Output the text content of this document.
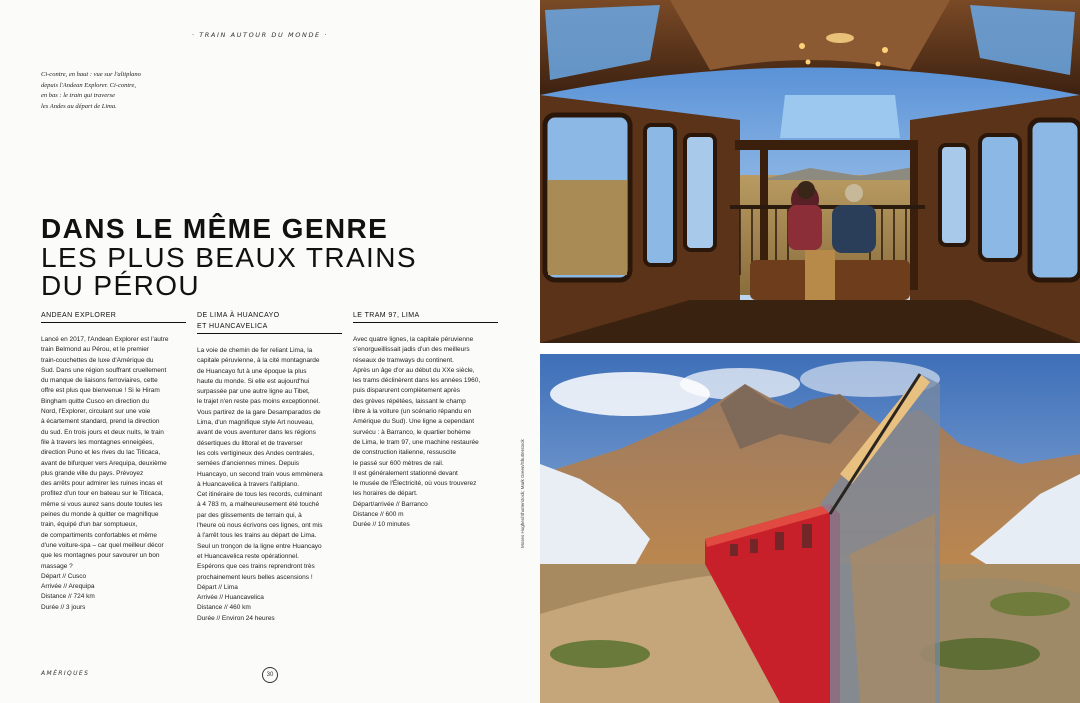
· TRAIN AUTOUR DU MONDE ·
Ci-contre, en haut : vue sur l'altiplano
depuis l'Andean Explorer. Ci-contre,
en bas : le train qui traverse
les Andes au départ de Lima.
DANS LE MÊME GENRE
LES PLUS BEAUX TRAINS
DU PÉROU
ANDEAN EXPLORER
Lancé en 2017, l'Andean Explorer est l'autre
train Belmond au Pérou, et le premier
train-couchettes de luxe d'Amérique du
Sud. Dans une région souffrant cruellement
du manque de liaisons ferroviaires, cette
offre est plus que bienvenue ! Si le Hiram
Bingham quitte Cusco en direction du
Nord, l'Explorer, circulant sur une voie
à écartement standard, prend la direction
du sud. En trois jours et deux nuits, le train
file à travers les montagnes enneigées,
direction Puno et les rives du lac Titicaca,
avant de bifurquer vers Arequipa, deuxième
plus grande ville du pays. Prévoyez
des arrêts pour admirer les ruines incas et
profitez d'un tour en bateau sur le Titicaca,
même si vous aurez sans doute toutes les
peines du monde à quitter ce magnifique
train, équipé d'un bar somptueux,
de compartiments confortables et même
d'une voiture-spa – car quel meilleur décor
que les montagnes pour savourer un bon
massage ?
Départ // Cusco
Arrivée // Arequipa
Distance // 724 km
Durée // 3 jours
DE LIMA À HUANCAYO
ET HUANCAVELICA
La voie de chemin de fer reliant Lima, la
capitale péruvienne, à la cité montagnarde
de Huancayo fut à une époque la plus
haute du monde. Si elle est aujourd'hui
surpassée par une autre ligne au Tibet,
le trajet n'en reste pas moins exceptionnel.
Vous partirez de la gare Desamparados de
Lima, d'un magnifique style Art nouveau,
avant de vous aventurer dans les régions
désertiques du littoral et de traverser
les cols vertigineux des Andes centrales,
semées d'anciennes mines. Depuis
Huancayo, un second train vous emmènera
à Huancavelica à travers l'altiplano.
Cet itinéraire de tous les records, culminant
à 4 783 m, a malheureusement été touché
par des glissements de terrain qui, à
l'heure où nous écrivons ces lignes, ont mis
à l'arrêt tous les trains au départ de Lima.
Seul un tronçon de la ligne entre Huancayo
et Huancavelica reste opérationnel.
Espérons que ces trains reprendront très
prochainement leurs belles ascensions !
Départ // Lima
Arrivée // Huancavelica
Distance // 460 km
Durée // Environ 24 heures
LE TRAM 97, LIMA
Avec quatre lignes, la capitale péruvienne
s'enorgueillissait jadis d'un des meilleurs
réseaux de tramways du continent.
Après un âge d'or au début du XXe siècle,
les trams déclinèrent dans les années 1960,
puis disparurent complètement après
des grèves répétées, laissant le champ
libre à la voiture (un scénario répandu en
Amérique du Sud). Une ligne a cependant
survécu : à Barranco, le quartier bohème
de Lima, le tram 97, une machine restaurée
de construction italienne, ressuscite
le passé sur 600 mètres de rail.
Il est généralement stationné devant
le musée de l'Électricité, où vous trouverez
les horaires de départ.
Départ/arrivée // Barranco
Distance // 600 m
Durée // 10 minutes
AMÉRIQUES	30
Moses Hughes/Shutterstock; Mark Green/Shutterstock
